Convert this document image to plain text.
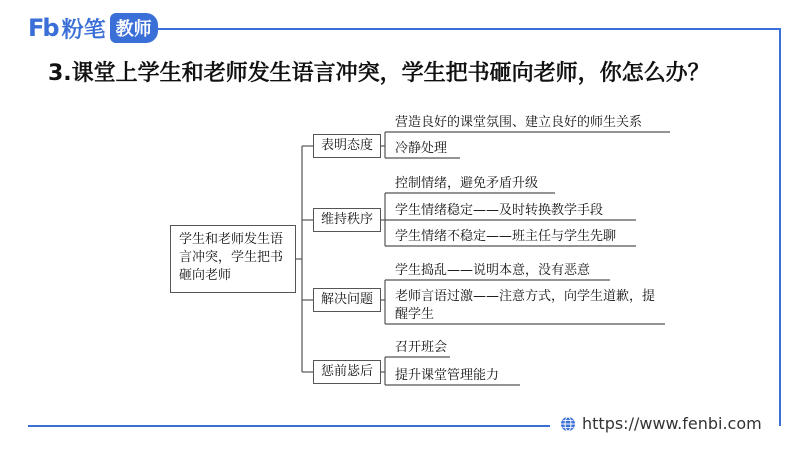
Fb 粉笔 教师
3.课堂上学生和老师发生语言冲突，学生把书砸向老师，你怎么办？
学生和老师发生语言冲突，学生把书砸向老师
表明态度
维持秩序
解决问题
惩前毖后
营造良好的课堂氛围、建立良好的师生关系
冷静处理
控制情绪，避免矛盾升级
学生情绪稳定——及时转换教学手段
学生情绪不稳定——班主任与学生先聊
学生捣乱——说明本意，没有恶意
老师言语过激——注意方式，向学生道歉，提醒学生
召开班会
提升课堂管理能力
https://www.fenbi.com
